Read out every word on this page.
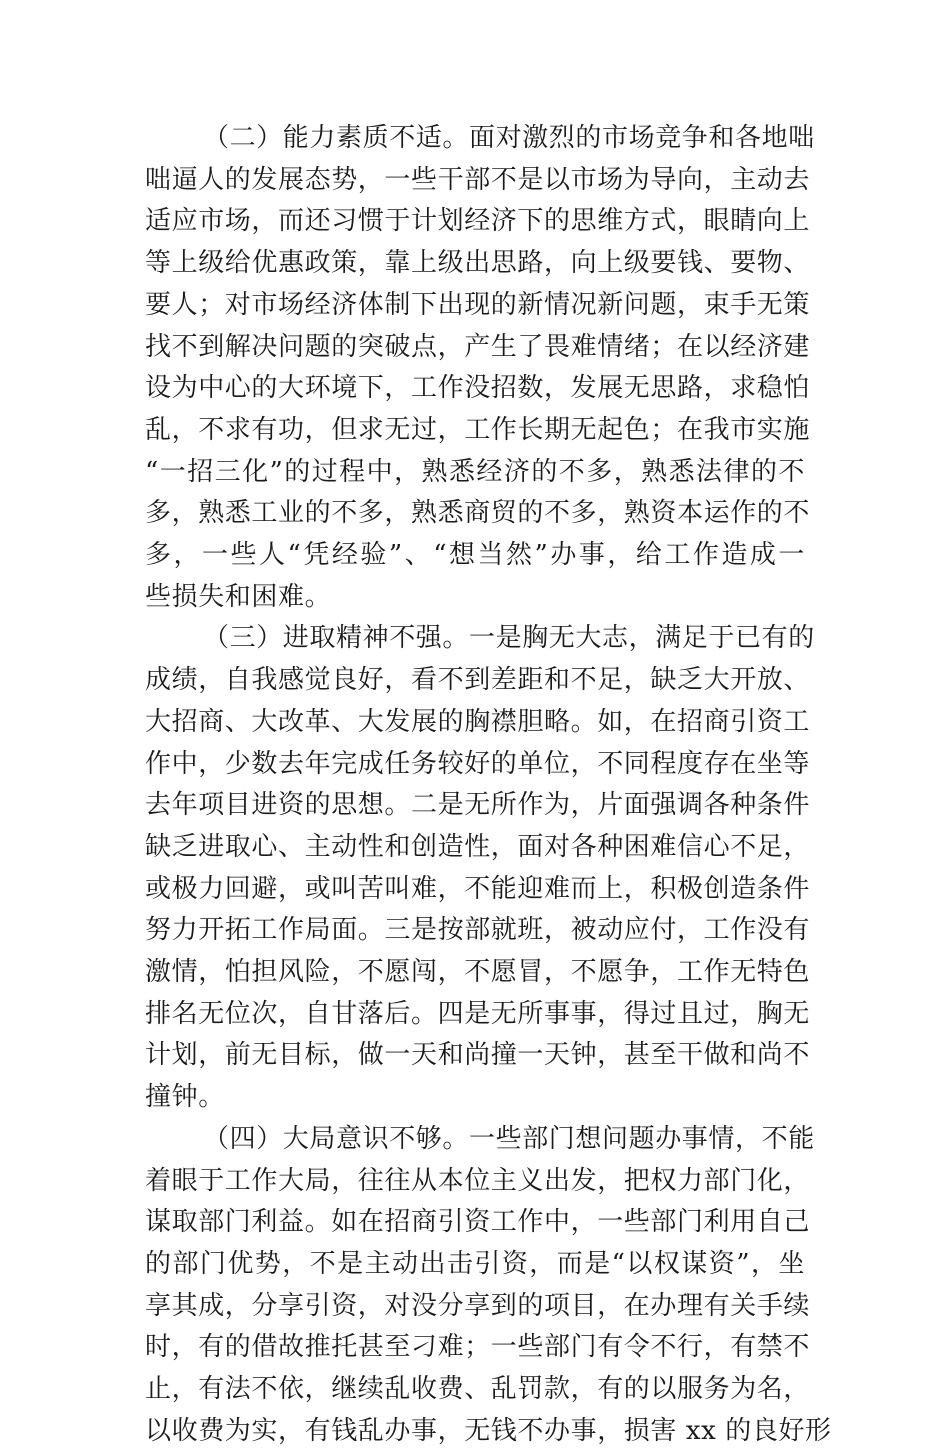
（二）能力素质不适。面对激烈的市场竞争和各地咄
咄逼人的发展态势，一些干部不是以市场为导向，主动去
适应市场，而还习惯于计划经济下的思维方式，眼睛向上
等上级给优惠政策，靠上级出思路，向上级要钱、要物、
要人；对市场经济体制下出现的新情况新问题，束手无策
找不到解决问题的突破点，产生了畏难情绪；在以经济建
设为中心的大环境下，工作没招数，发展无思路，求稳怕
乱，不求有功，但求无过，工作长期无起色；在我市实施
“一招三化”的过程中，熟悉经济的不多，熟悉法律的不
多，熟悉工业的不多，熟悉商贸的不多，熟资本运作的不
多，一些人“凭经验”、“想当然”办事，给工作造成一
些损失和困难。
（三）进取精神不强。一是胸无大志，满足于已有的
成绩，自我感觉良好，看不到差距和不足，缺乏大开放、
大招商、大改革、大发展的胸襟胆略。如，在招商引资工
作中，少数去年完成任务较好的单位，不同程度存在坐等
去年项目进资的思想。二是无所作为，片面强调各种条件
缺乏进取心、主动性和创造性，面对各种困难信心不足，
或极力回避，或叫苦叫难，不能迎难而上，积极创造条件
努力开拓工作局面。三是按部就班，被动应付，工作没有
激情，怕担风险，不愿闯，不愿冒，不愿争，工作无特色
排名无位次，自甘落后。四是无所事事，得过且过，胸无
计划，前无目标，做一天和尚撞一天钟，甚至干做和尚不
撞钟。
（四）大局意识不够。一些部门想问题办事情，不能
着眼于工作大局，往往从本位主义出发，把权力部门化，
谋取部门利益。如在招商引资工作中，一些部门利用自己
的部门优势，不是主动出击引资，而是“以权谋资”，坐
享其成，分享引资，对没分享到的项目，在办理有关手续
时，有的借故推托甚至刁难；一些部门有令不行，有禁不
止，有法不依，继续乱收费、乱罚款，有的以服务为名，
以收费为实，有钱乱办事，无钱不办事，损害 xx 的良好形
